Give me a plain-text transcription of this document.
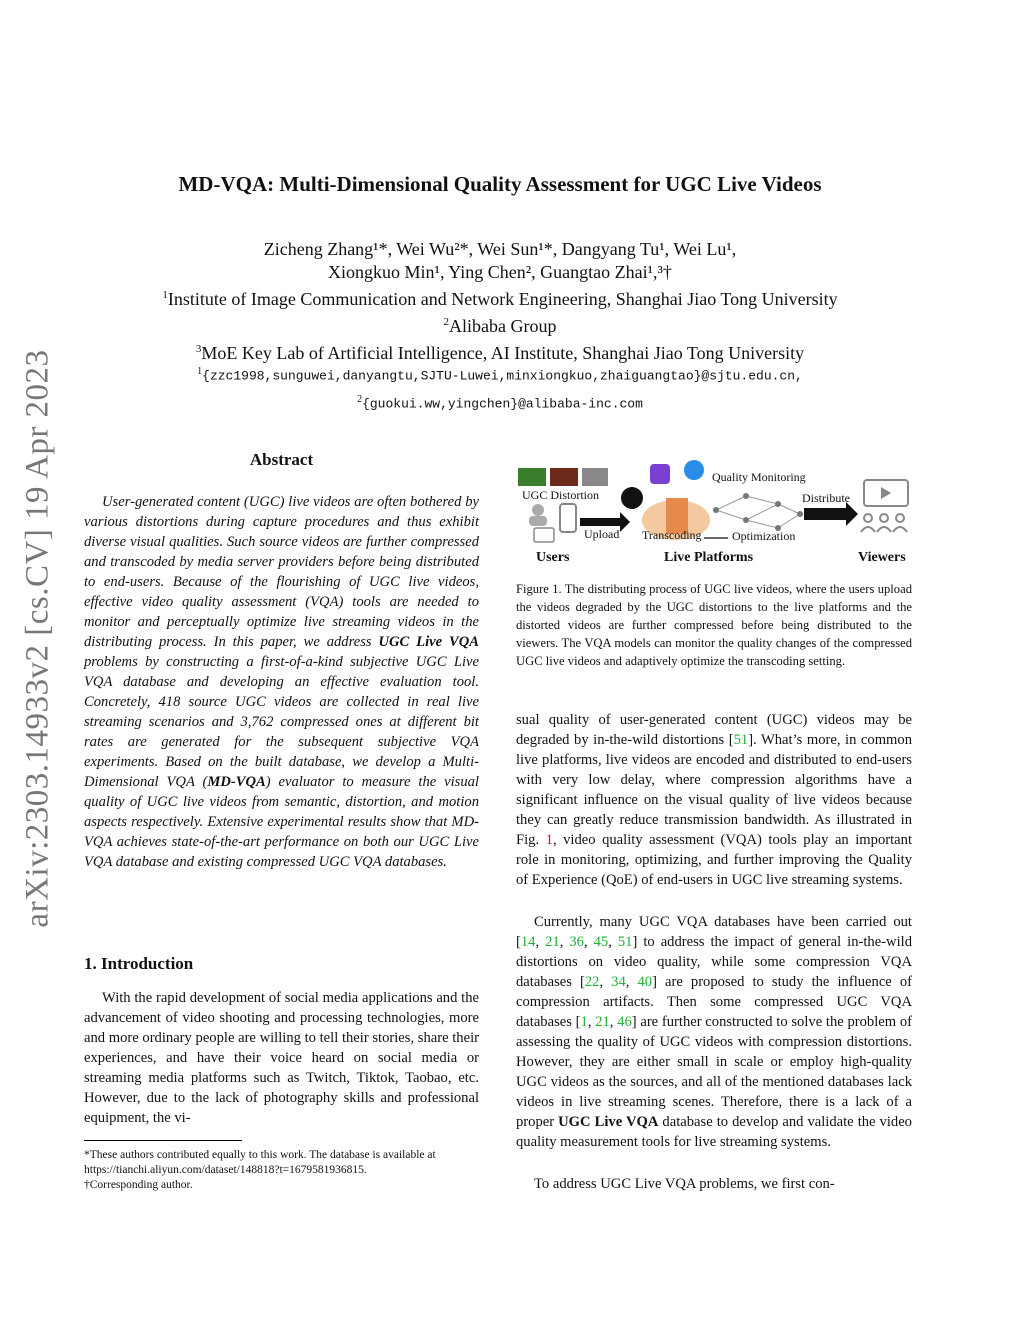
arXiv:2303.14933v2 [cs.CV] 19 Apr 2023
MD-VQA: Multi-Dimensional Quality Assessment for UGC Live Videos
Zicheng Zhang¹*, Wei Wu²*, Wei Sun¹*, Dangyang Tu¹, Wei Lu¹,
Xiongkuo Min¹, Ying Chen², Guangtao Zhai¹,³†
$^1$Institute of Image Communication and Network Engineering, Shanghai Jiao Tong University
$^2$Alibaba Group
$^3$MoE Key Lab of Artificial Intelligence, AI Institute, Shanghai Jiao Tong University
$^1${zzc1998,sunguwei,danyangtu,SJTU-Luwei,minxiongkuo,zhaiguangtao}@sjtu.edu.cn,
$^2${guokui.ww,yingchen}@alibaba-inc.com
Abstract
User-generated content (UGC) live videos are often bothered by various distortions during capture procedures and thus exhibit diverse visual qualities. Such source videos are further compressed and transcoded by media server providers before being distributed to end-users. Because of the flourishing of UGC live videos, effective video quality assessment (VQA) tools are needed to monitor and perceptually optimize live streaming videos in the distributing process. In this paper, we address UGC Live VQA problems by constructing a first-of-a-kind subjective UGC Live VQA database and developing an effective evaluation tool. Concretely, 418 source UGC videos are collected in real live streaming scenarios and 3,762 compressed ones at different bit rates are generated for the subsequent subjective VQA experiments. Based on the built database, we develop a Multi-Dimensional VQA (MD-VQA) evaluator to measure the visual quality of UGC live videos from semantic, distortion, and motion aspects respectively. Extensive experimental results show that MD-VQA achieves state-of-the-art performance on both our UGC Live VQA database and existing compressed UGC VQA databases.
1. Introduction
With the rapid development of social media applications and the advancement of video shooting and processing technologies, more and more ordinary people are willing to tell their stories, share their experiences, and have their voice heard on social media or streaming media platforms such as Twitch, Tiktok, Taobao, etc. However, due to the lack of photography skills and professional equipment, the vi-
*These authors contributed equally to this work. The database is available at https://tianchi.aliyun.com/dataset/148818?t=1679581936815.
†Corresponding author.
UGC Distortion
Upload Transcoding	Optimization
Quality Monitoring
Distribute
Users	Live Platforms	Viewers
Figure 1. The distributing process of UGC live videos, where the users upload the videos degraded by the UGC distortions to the live platforms and the distorted videos are further compressed before being distributed to the viewers. The VQA models can monitor the quality changes of the compressed UGC live videos and adaptively optimize the transcoding setting.
sual quality of user-generated content (UGC) videos may be degraded by in-the-wild distortions [51]. What’s more, in common live platforms, live videos are encoded and distributed to end-users with very low delay, where compression algorithms have a significant influence on the visual quality of live videos because they can greatly reduce transmission bandwidth. As illustrated in Fig. 1, video quality assessment (VQA) tools play an important role in monitoring, optimizing, and further improving the Quality of Experience (QoE) of end-users in UGC live streaming systems.
Currently, many UGC VQA databases have been carried out [14, 21, 36, 45, 51] to address the impact of general in-the-wild distortions on video quality, while some compression VQA databases [22, 34, 40] are proposed to study the influence of compression artifacts. Then some compressed UGC VQA databases [1, 21, 46] are further constructed to solve the problem of assessing the quality of UGC videos with compression distortions. However, they are either small in scale or employ high-quality UGC videos as the sources, and all of the mentioned databases lack videos in live streaming scenes. Therefore, there is a lack of a proper UGC Live VQA database to develop and validate the video quality measurement tools for live streaming systems.
To address UGC Live VQA problems, we first con-
